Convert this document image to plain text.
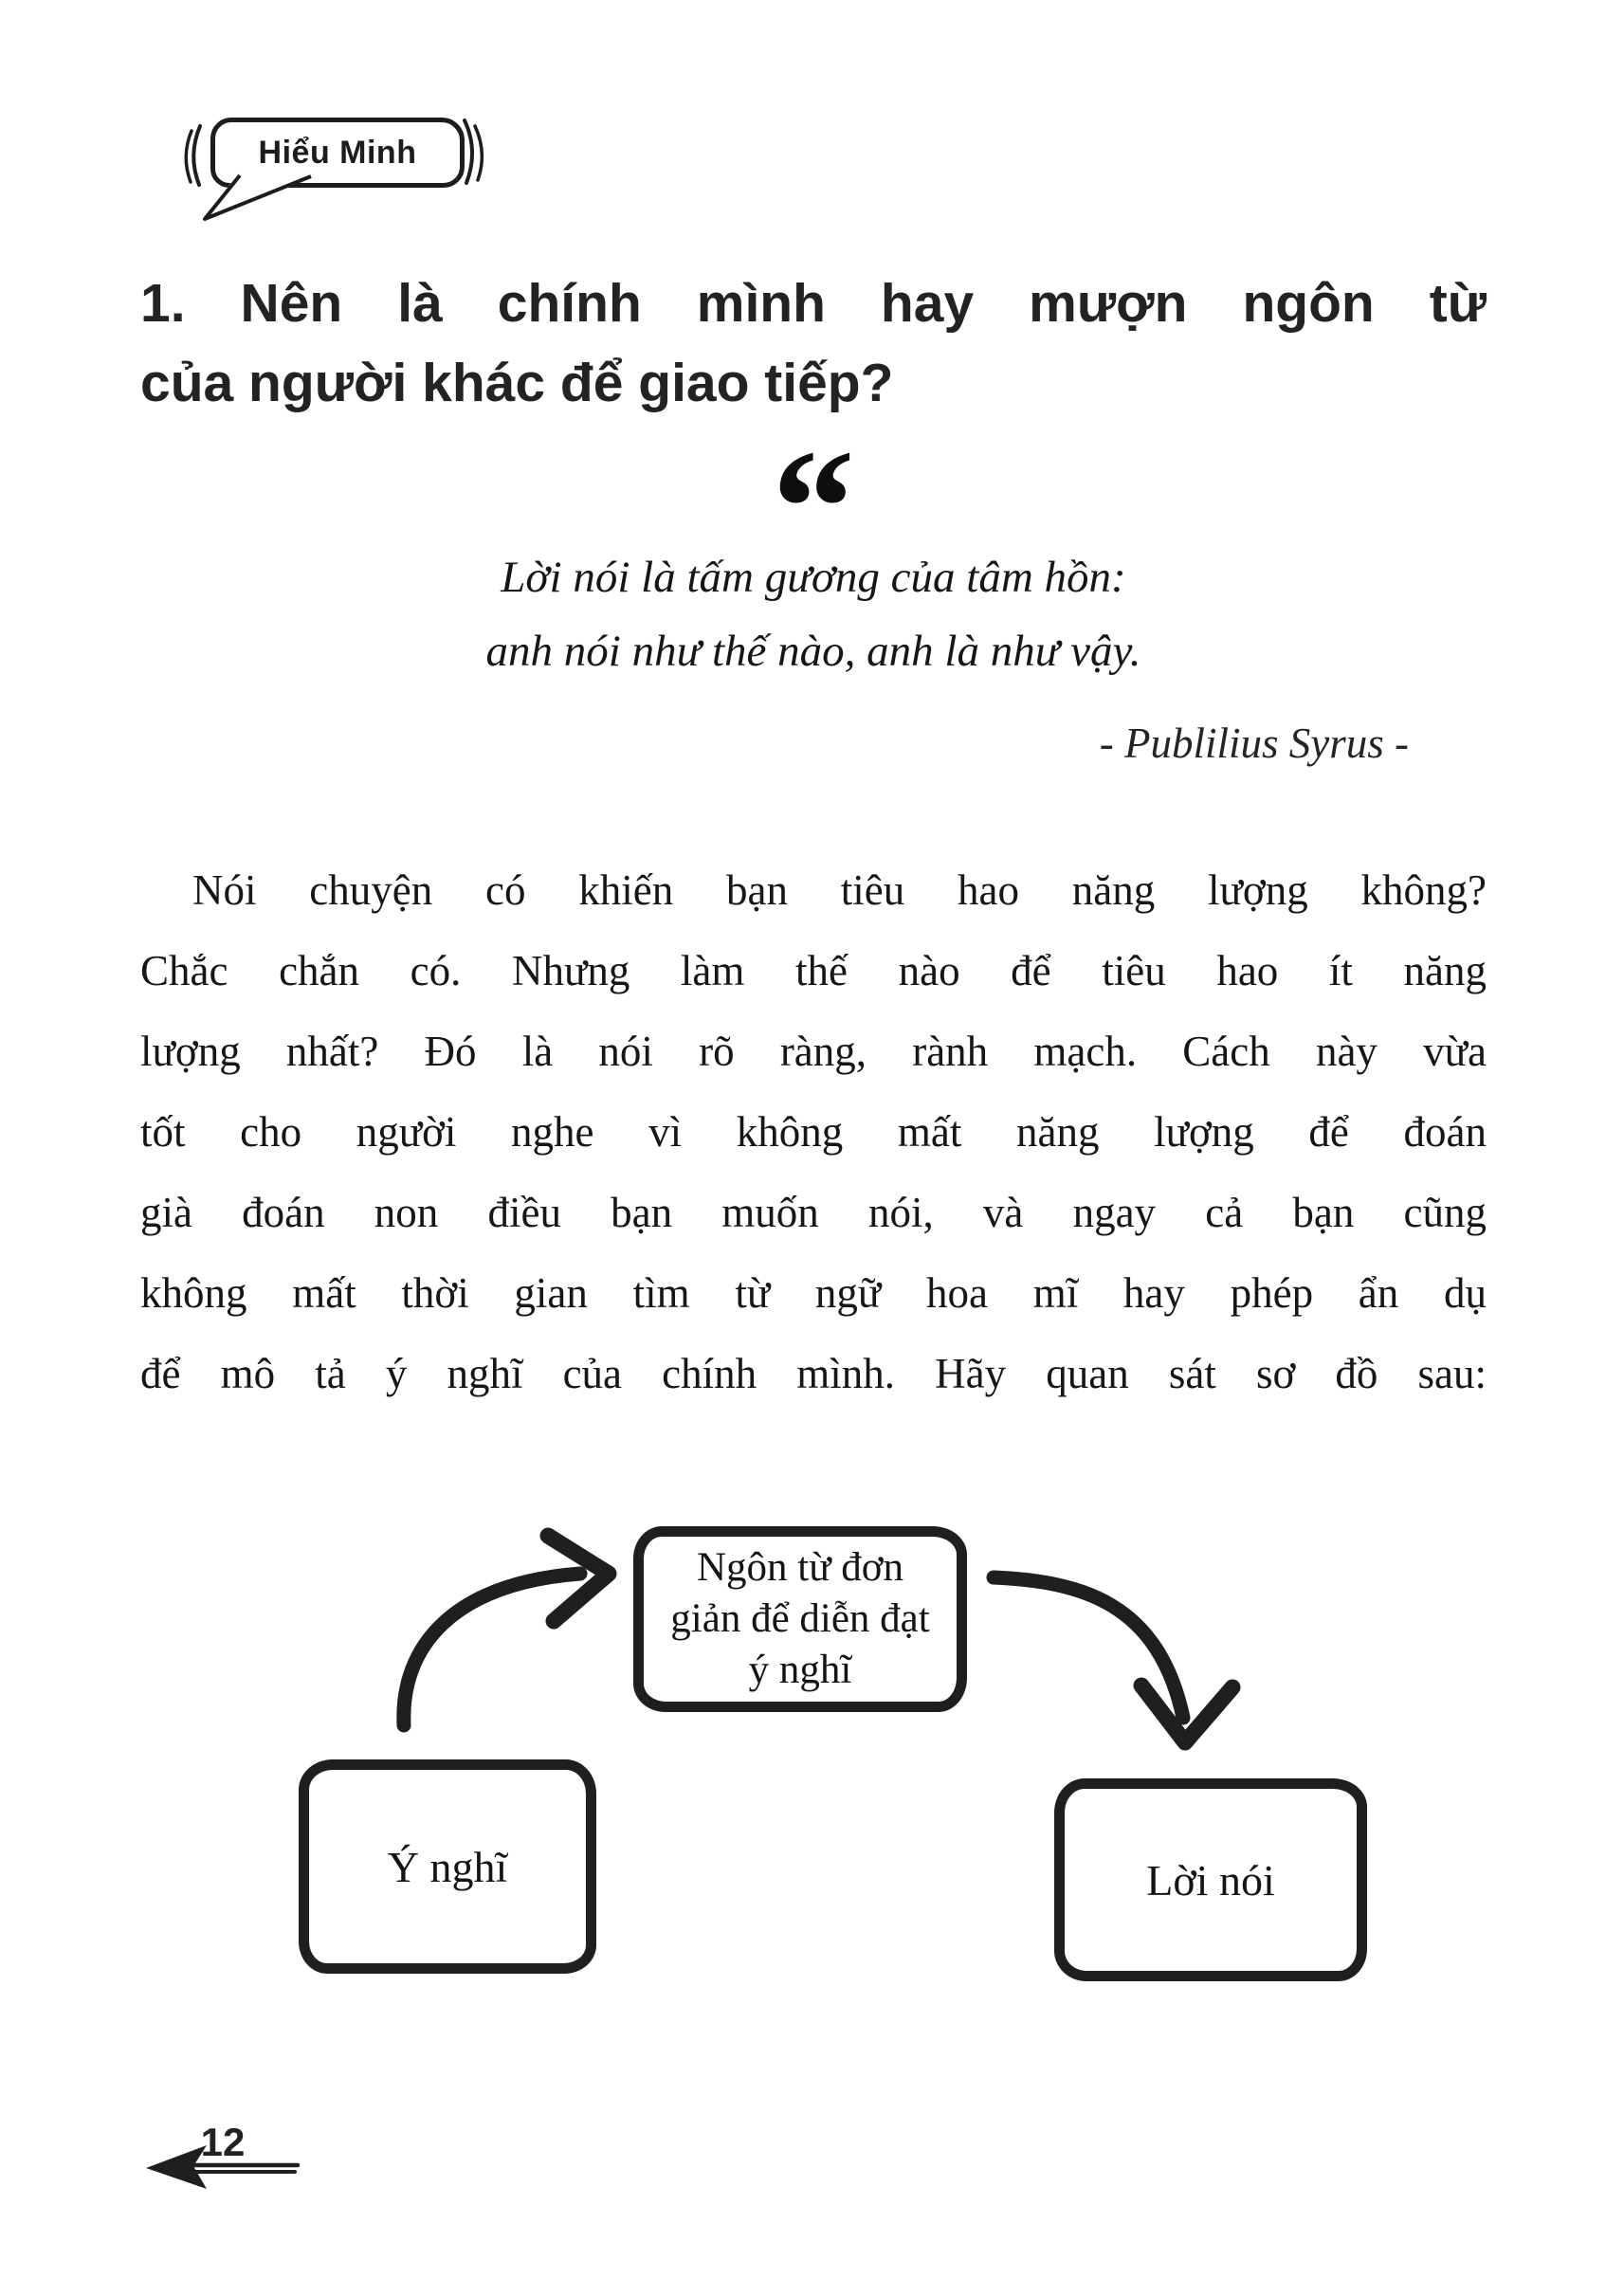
Hiểu Minh
1. Nên là chính mình hay mượn ngôn từ
của người khác để giao tiếp?
“
Lời nói là tấm gương của tâm hồn:
anh nói như thế nào, anh là như vậy.
- Publilius Syrus -
Nói chuyện có khiến bạn tiêu hao năng lượng không?
Chắc chắn có. Nhưng làm thế nào để tiêu hao ít năng
lượng nhất? Đó là nói rõ ràng, rành mạch. Cách này vừa
tốt cho người nghe vì không mất năng lượng để đoán
già đoán non điều bạn muốn nói, và ngay cả bạn cũng
không mất thời gian tìm từ ngữ hoa mĩ hay phép ẩn dụ
để mô tả ý nghĩ của chính mình. Hãy quan sát sơ đồ sau:
Ngôn từ đơn giản để diễn đạt ý nghĩ
Ý nghĩ	Lời nói
12
